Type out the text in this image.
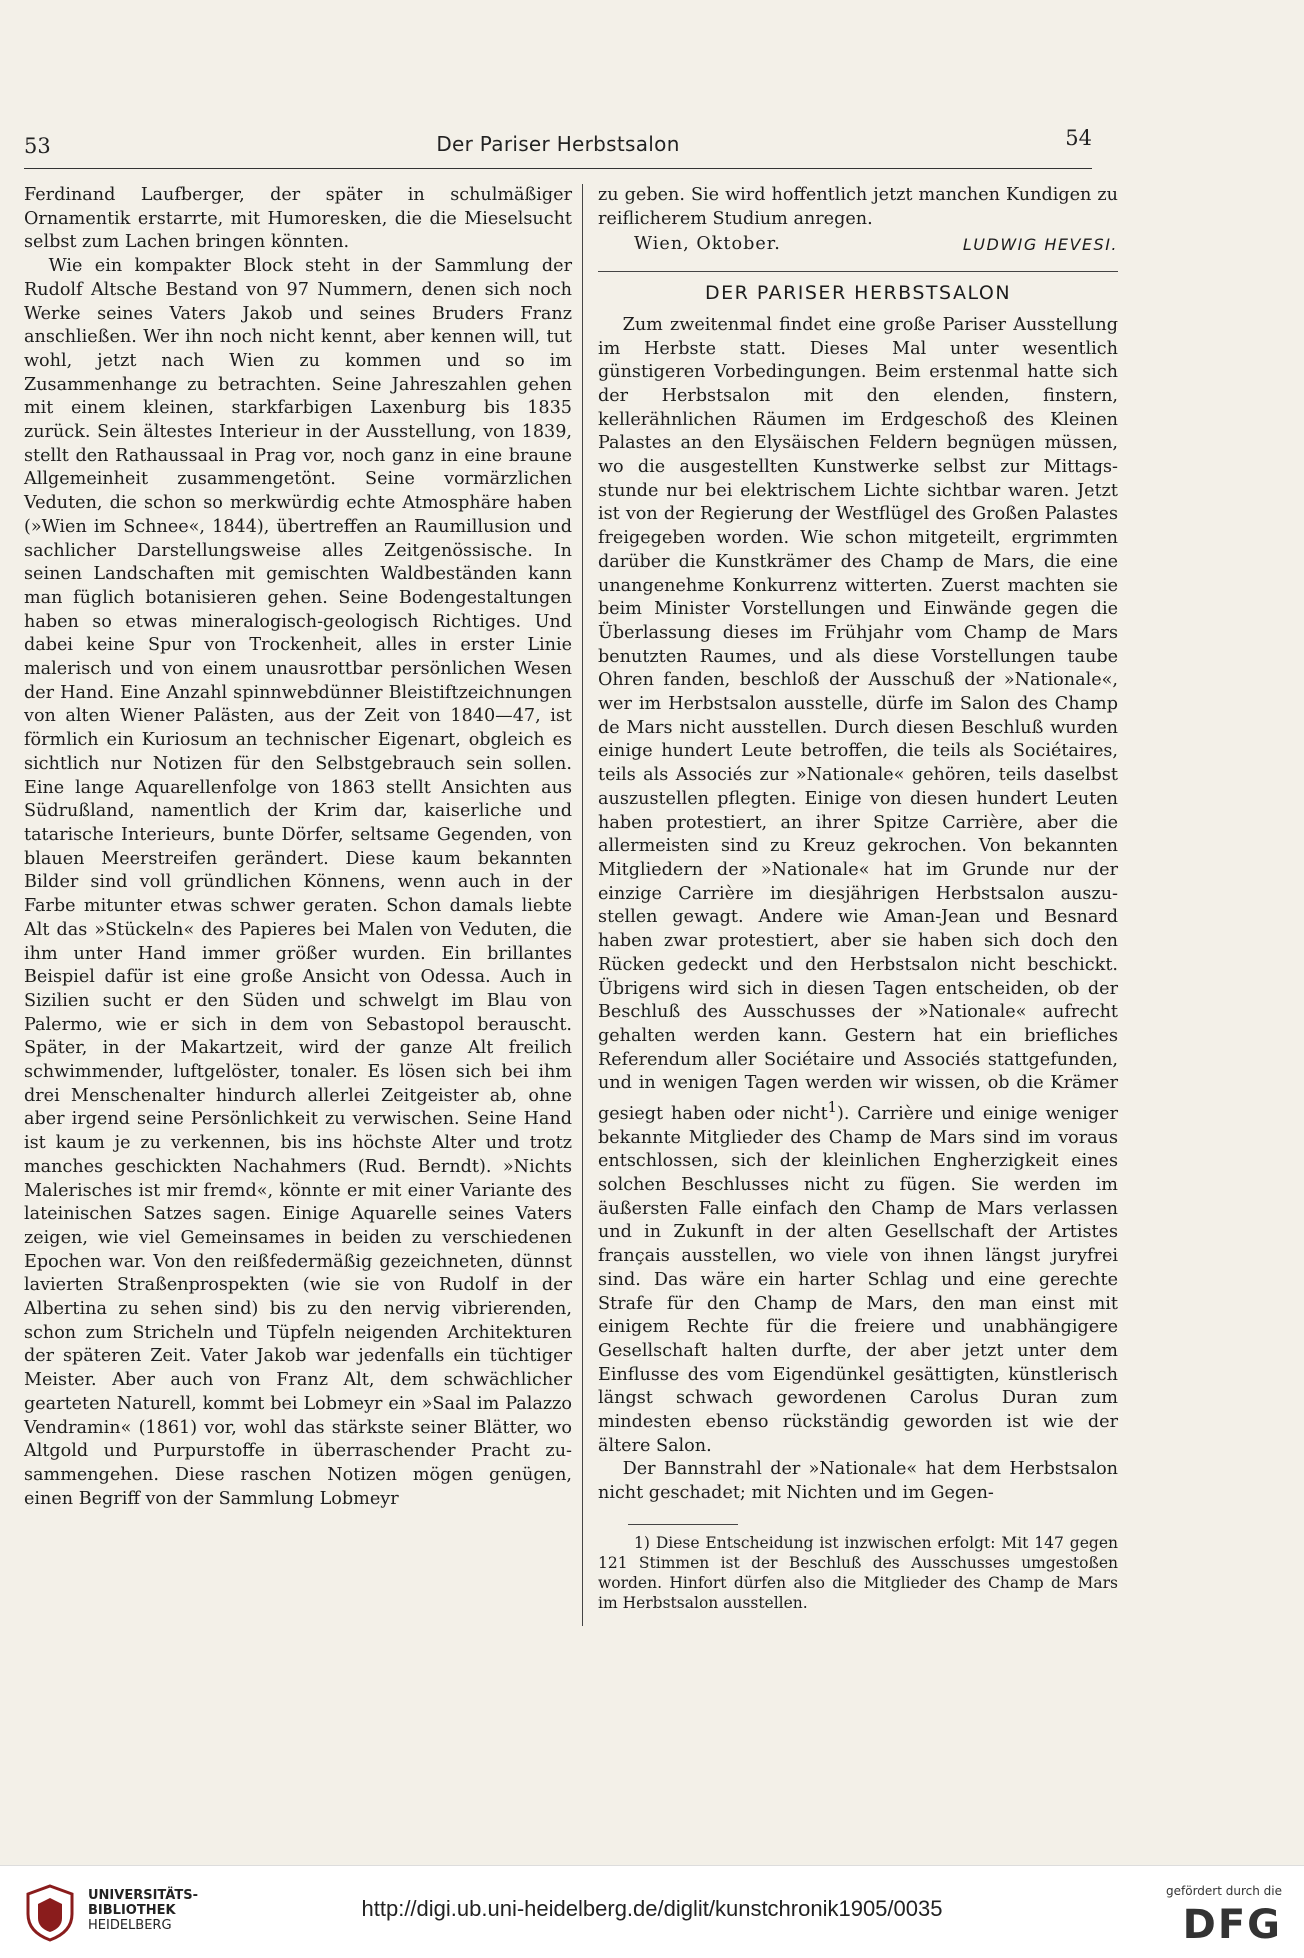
53	Der Pariser Herbstsalon	54

Ferdinand Laufberger, der später in schulmäßiger Ornamentik erstarrte, mit Humoresken, die die Mieselsucht selbst zum Lachen bringen könnten.

Wie ein kompakter Block steht in der Sammlung der Rudolf Altsche Bestand von 97 Nummern, denen sich noch Werke seines Vaters Jakob und seines Bruders Franz anschließen. Wer ihn noch nicht kennt, aber kennen will, tut wohl, jetzt nach Wien zu kommen und so im Zusammenhange zu betrachten. Seine Jahreszahlen gehen mit einem kleinen, starkfarbigen Laxenburg bis 1835 zurück. Sein ältestes Interieur in der Ausstellung, von 1839, stellt den Rathaussaal in Prag vor, noch ganz in eine braune Allgemeinheit zusammengetönt. Seine vormärzlichen Veduten, die schon so merkwürdig echte Atmosphäre haben (»Wien im Schnee«, 1844), übertreffen an Raumillusion und sachlicher Darstellungsweise alles Zeitgenössische. In seinen Landschaften mit gemischten Waldbeständen kann man füglich botanisieren gehen. Seine Bodengestaltungen haben so etwas mineralogisch-geologisch Richtiges. Und dabei keine Spur von Trockenheit, alles in erster Linie malerisch und von einem unausrottbar persönlichen Wesen der Hand. Eine Anzahl spinnwebdünner Bleistiftzeichnungen von alten Wiener Palästen, aus der Zeit von 1840—47, ist förmlich ein Kuriosum an technischer Eigenart, obgleich es sichtlich nur Notizen für den Selbstgebrauch sein sollen. Eine lange Aquarellenfolge von 1863 stellt Ansichten aus Südrußland, namentlich der Krim dar, kaiserliche und tatarische Interieurs, bunte Dörfer, seltsame Gegenden, von blauen Meerstreifen gerändert. Diese kaum bekannten Bilder sind voll gründlichen Könnens, wenn auch in der Farbe mitunter etwas schwer geraten. Schon damals liebte Alt das »Stückeln« des Papieres bei Malen von Veduten, die ihm unter Hand immer größer wurden. Ein brillantes Beispiel dafür ist eine große Ansicht von Odessa. Auch in Sizilien sucht er den Süden und schwelgt im Blau von Palermo, wie er sich in dem von Sebastopol berauscht. Später, in der Makartzeit, wird der ganze Alt freilich schwimmender, luftgelöster, tonaler. Es lösen sich bei ihm drei Menschenalter hindurch allerlei Zeitgeister ab, ohne aber irgend seine Persönlichkeit zu verwischen. Seine Hand ist kaum je zu verkennen, bis ins höchste Alter und trotz manches geschickten Nachahmers (Rud. Berndt). »Nichts Malerisches ist mir fremd«, könnte er mit einer Variante des lateinischen Satzes sagen. Einige Aquarelle seines Vaters zeigen, wie viel Gemeinsames in beiden zu verschiedenen Epochen war. Von den reißfedermäßig gezeichneten, dünnst lavierten Straßenprospekten (wie sie von Rudolf in der Albertina zu sehen sind) bis zu den nervig vibrierenden, schon zum Stricheln und Tüpfeln neigenden Architekturen der späteren Zeit. Vater Jakob war jedenfalls ein tüchtiger Meister. Aber auch von Franz Alt, dem schwächlicher gearteten Naturell, kommt bei Lobmeyr ein »Saal im Palazzo Vendramin« (1861) vor, wohl das stärkste seiner Blätter, wo Altgold und Purpurstoffe in überraschender Pracht zusammengehen. Diese raschen Notizen mögen genügen, einen Begriff von der Sammlung Lobmeyr

zu geben. Sie wird hoffentlich jetzt manchen Kundigen zu reiflicherem Studium anregen.

Wien, Oktober.	LUDWIG HEVESI.
DER PARISER HERBSTSALON

Zum zweitenmal findet eine große Pariser Ausstellung im Herbste statt. Dieses Mal unter wesentlich günstigeren Vorbedingungen. Beim erstenmal hatte sich der Herbstsalon mit den elenden, finstern, kellerähnlichen Räumen im Erdgeschoß des Kleinen Palastes an den Elysäischen Feldern begnügen müssen, wo die ausgestellten Kunstwerke selbst zur Mittagsstunde nur bei elektrischem Lichte sichtbar waren. Jetzt ist von der Regierung der Westflügel des Großen Palastes freigegeben worden. Wie schon mitgeteilt, ergrimmten darüber die Kunstkrämer des Champ de Mars, die eine unangenehme Konkurrenz witterten. Zuerst machten sie beim Minister Vorstellungen und Einwände gegen die Überlassung dieses im Frühjahr vom Champ de Mars benutzten Raumes, und als diese Vorstellungen taube Ohren fanden, beschloß der Ausschuß der »Nationale«, wer im Herbstsalon ausstelle, dürfe im Salon des Champ de Mars nicht ausstellen. Durch diesen Beschluß wurden einige hundert Leute betroffen, die teils als Sociétaires, teils als Associés zur »Nationale« gehören, teils daselbst auszustellen pflegten. Einige von diesen hundert Leuten haben protestiert, an ihrer Spitze Carrière, aber die allermeisten sind zu Kreuz gekrochen. Von bekannten Mitgliedern der »Nationale« hat im Grunde nur der einzige Carrière im diesjährigen Herbstsalon auszustellen gewagt. Andere wie Aman-Jean und Besnard haben zwar protestiert, aber sie haben sich doch den Rücken gedeckt und den Herbstsalon nicht beschickt. Übrigens wird sich in diesen Tagen entscheiden, ob der Beschluß des Ausschusses der »Nationale« aufrecht gehalten werden kann. Gestern hat ein briefliches Referendum aller Sociétaire und Associés stattgefunden, und in wenigen Tagen werden wir wissen, ob die Krämer gesiegt haben oder nicht$^1$). Carrière und einige weniger bekannte Mitglieder des Champ de Mars sind im voraus entschlossen, sich der kleinlichen Engherzigkeit eines solchen Beschlusses nicht zu fügen. Sie werden im äußersten Falle einfach den Champ de Mars verlassen und in Zukunft in der alten Gesellschaft der Artistes français ausstellen, wo viele von ihnen längst juryfrei sind. Das wäre ein harter Schlag und eine gerechte Strafe für den Champ de Mars, den man einst mit einigem Rechte für die freiere und unabhängigere Gesellschaft halten durfte, der aber jetzt unter dem Einflusse des vom Eigendünkel gesättigten, künstlerisch längst schwach gewordenen Carolus Duran zum mindesten ebenso rückständig geworden ist wie der ältere Salon.

Der Bannstrahl der »Nationale« hat dem Herbstsalon nicht geschadet; mit Nichten und im Gegen-

1) Diese Entscheidung ist inzwischen erfolgt: Mit 147 gegen 121 Stimmen ist der Beschluß des Ausschusses umgestoßen worden. Hinfort dürfen also die Mitglieder des Champ de Mars im Herbstsalon ausstellen.
UNIVERSITÄTS-
BIBLIOTHEK
HEIDELBERG
http://digi.ub.uni-heidelberg.de/diglit/kunstchronik1905/0035
gefördert durch die
DFG
